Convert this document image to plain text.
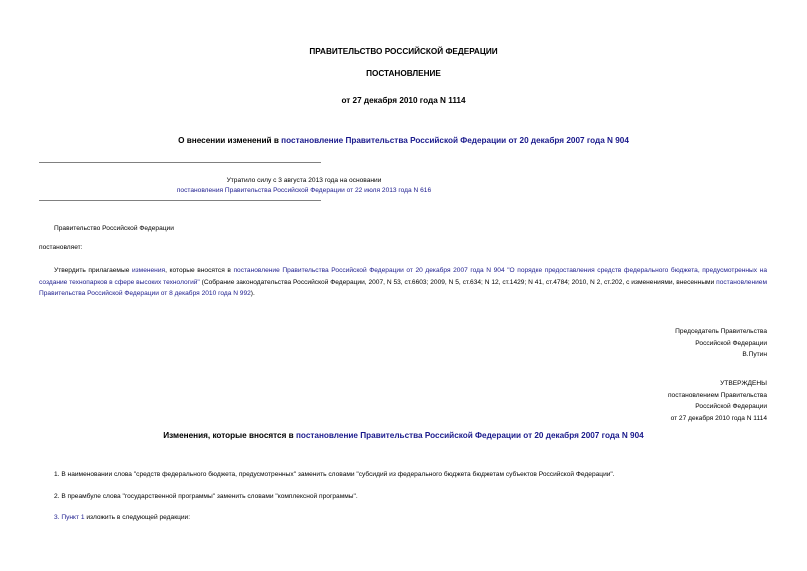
ПРАВИТЕЛЬСТВО РОССИЙСКОЙ ФЕДЕРАЦИИ
ПОСТАНОВЛЕНИЕ
от 27 декабря 2010 года N 1114
О внесении изменений в постановление Правительства Российской Федерации от 20 декабря 2007 года N 904
Утратило силу с 3 августа 2013 года на основании
постановления Правительства Российской Федерации от 22 июля 2013 года N 616
Правительство Российской Федерации
постановляет:
Утвердить прилагаемые изменения, которые вносятся в постановление Правительства Российской Федерации от 20 декабря 2007 года N 904 "О порядке предоставления средств федерального бюджета, предусмотренных на создание технопарков в сфере высоких технологий" (Собрание законодательства Российской Федерации, 2007, N 53, ст.6603; 2009, N 5, ст.634; N 12, ст.1429; N 41, ст.4784; 2010, N 2, ст.202, с изменениями, внесенными постановлением Правительства Российской Федерации от 8 декабря 2010 года N 992).
Председатель Правительства
Российской Федерации
В.Путин
УТВЕРЖДЕНЫ
постановлением Правительства
Российской Федерации
от 27 декабря 2010 года N 1114
Изменения, которые вносятся в постановление Правительства Российской Федерации от 20 декабря 2007 года N 904
1. В наименовании слова "средств федерального бюджета, предусмотренных" заменить словами "субсидий из федерального бюджета бюджетам субъектов Российской Федерации".
2. В преамбуле слова "государственной программы" заменить словами "комплексной программы".
3. Пункт 1 изложить в следующей редакции:
